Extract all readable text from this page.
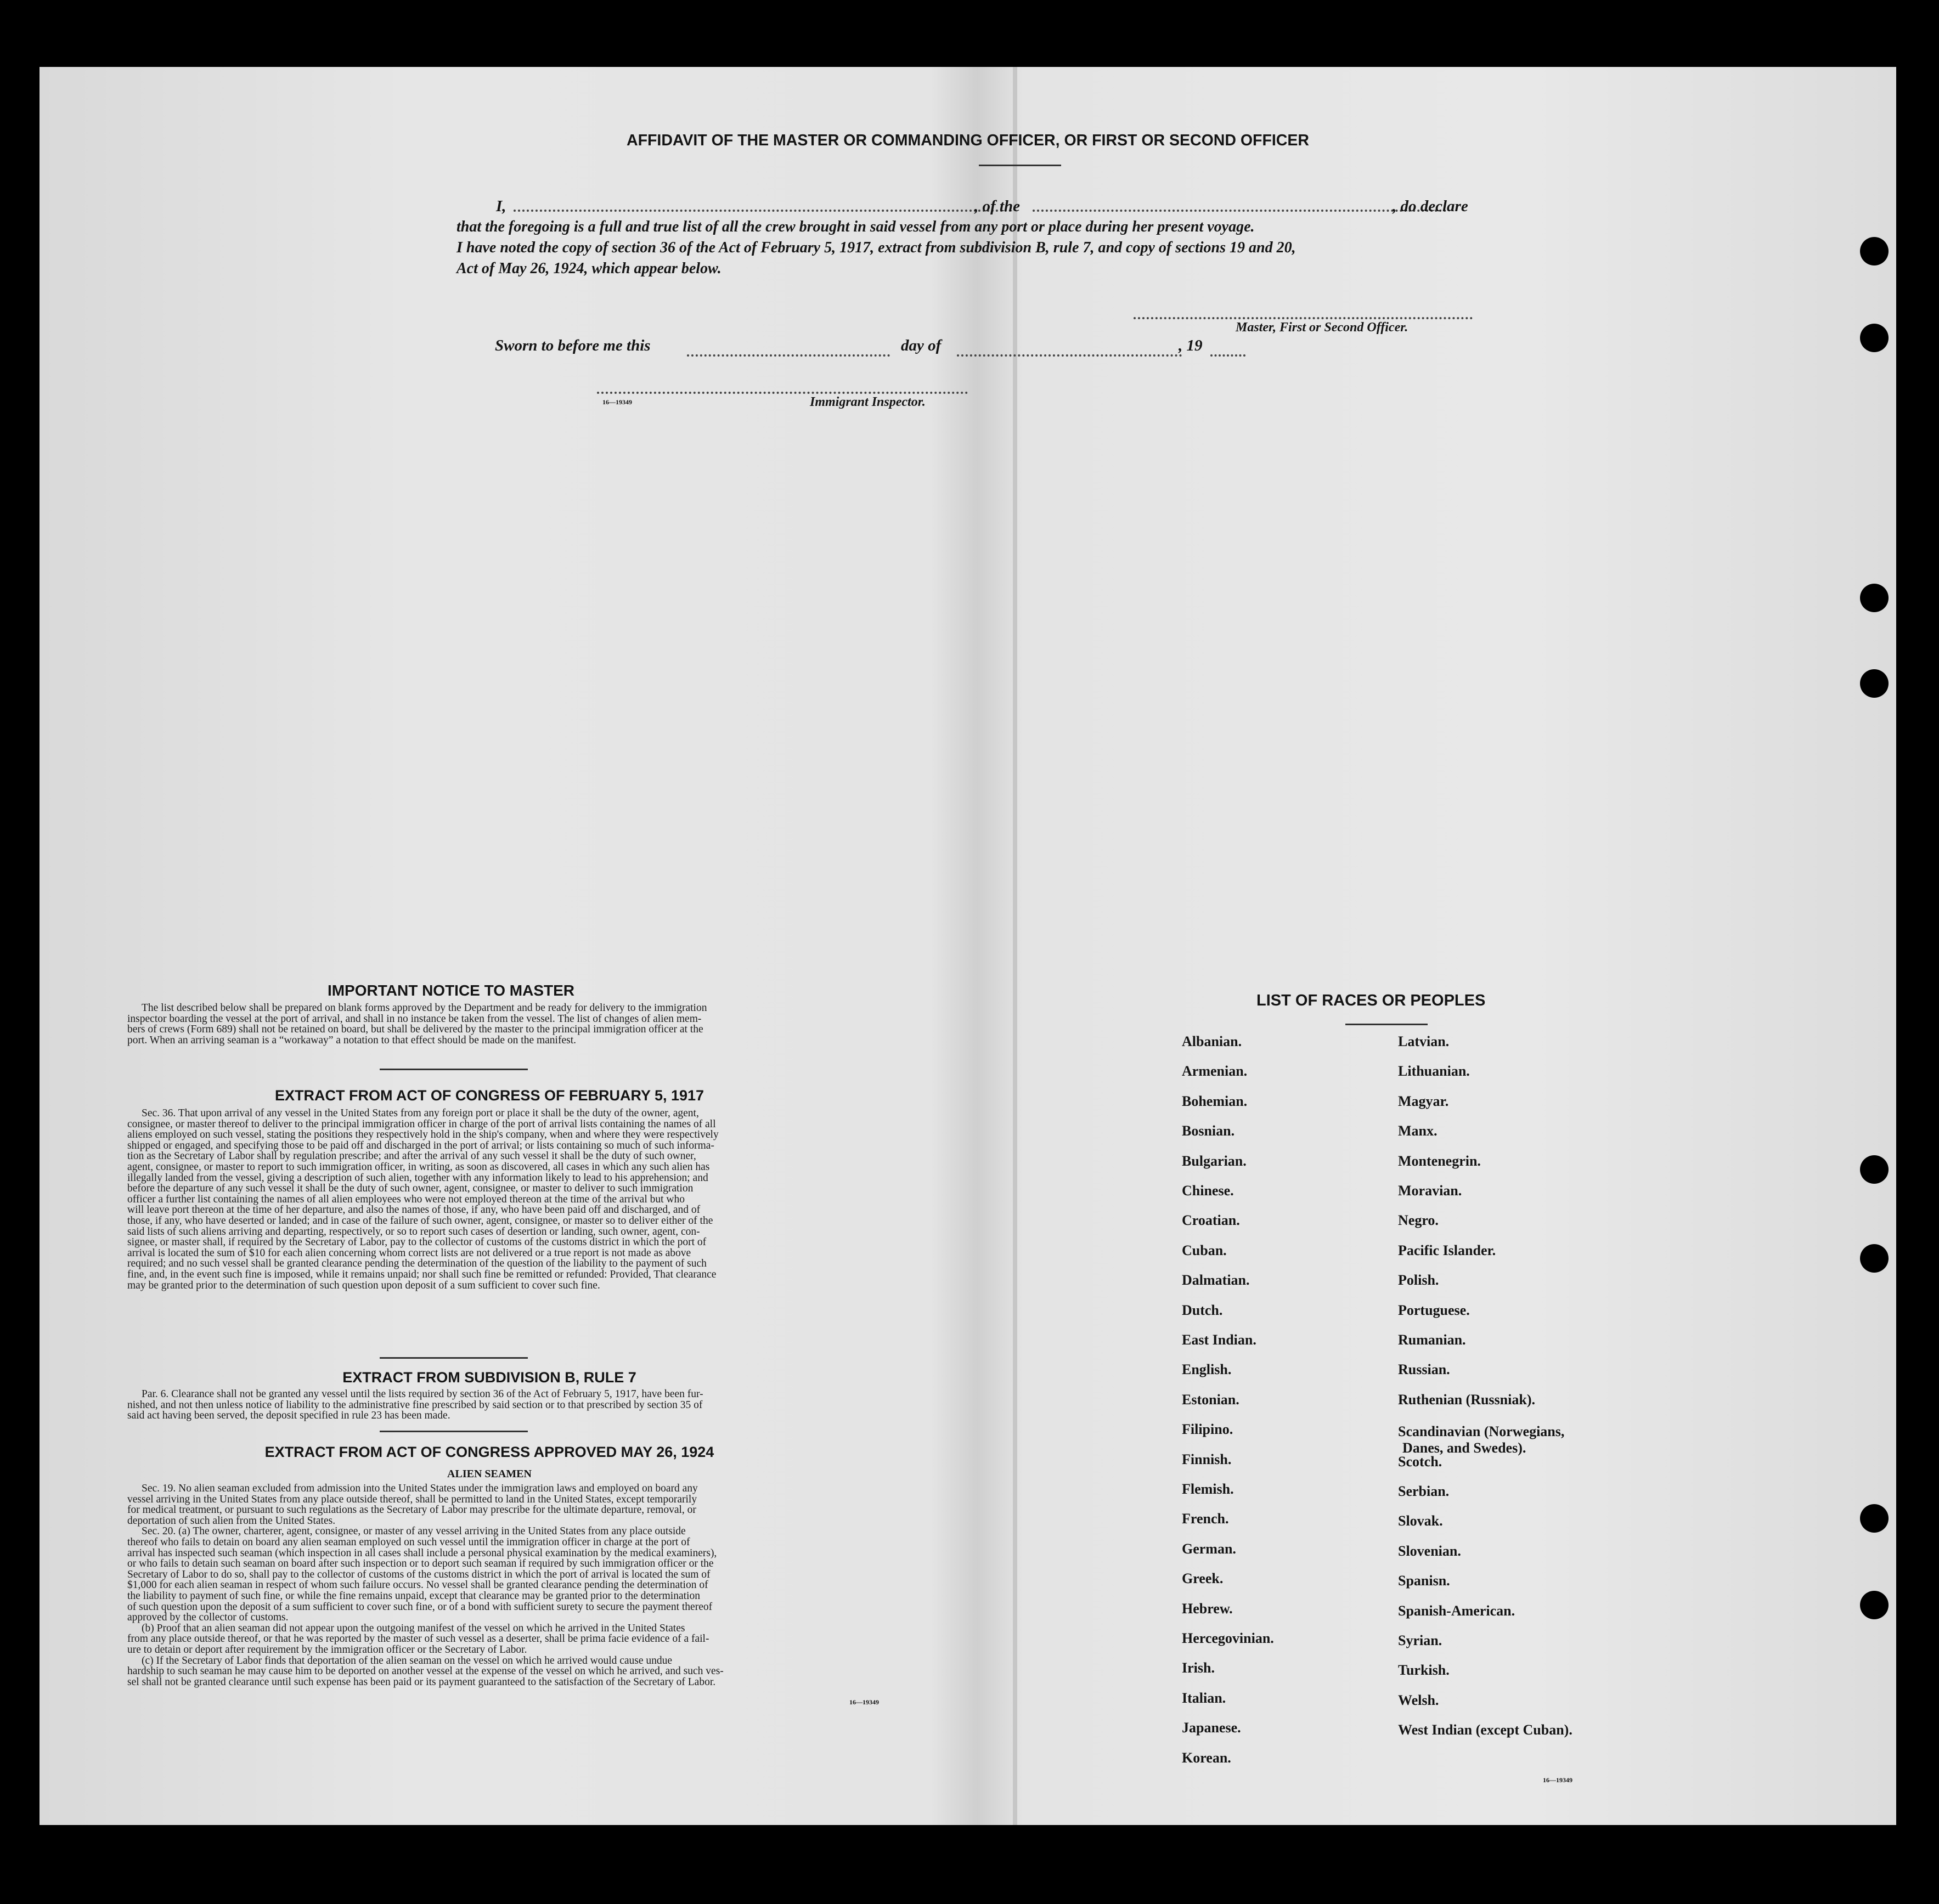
AFFIDAVIT OF THE MASTER OR COMMANDING OFFICER, OR FIRST OR SECOND OFFICER
I,	, of the	, do declare
that the foregoing is a full and true list of all the crew brought in said vessel from any port or place during her present voyage.
I have noted the copy of section 36 of the Act of February 5, 1917, extract from subdivision B, rule 7, and copy of sections 19 and 20,
Act of May 26, 1924, which appear below.
Master, First or Second Officer.
Sworn to before me this	day of	, 19
16—19349	Immigrant Inspector.
IMPORTANT NOTICE TO MASTER
The list described below shall be prepared on blank forms approved by the Department and be ready for delivery to the immigration
inspector boarding the vessel at the port of arrival, and shall in no instance be taken from the vessel. The list of changes of alien mem-
bers of crews (Form 689) shall not be retained on board, but shall be delivered by the master to the principal immigration officer at the
port. When an arriving seaman is a “workaway” a notation to that effect should be made on the manifest.
EXTRACT FROM ACT OF CONGRESS OF FEBRUARY 5, 1917
Sec. 36. That upon arrival of any vessel in the United States from any foreign port or place it shall be the duty of the owner, agent,
consignee, or master thereof to deliver to the principal immigration officer in charge of the port of arrival lists containing the names of all
aliens employed on such vessel, stating the positions they respectively hold in the ship's company, when and where they were respectively
shipped or engaged, and specifying those to be paid off and discharged in the port of arrival; or lists containing so much of such informa-
tion as the Secretary of Labor shall by regulation prescribe; and after the arrival of any such vessel it shall be the duty of such owner,
agent, consignee, or master to report to such immigration officer, in writing, as soon as discovered, all cases in which any such alien has
illegally landed from the vessel, giving a description of such alien, together with any information likely to lead to his apprehension; and
before the departure of any such vessel it shall be the duty of such owner, agent, consignee, or master to deliver to such immigration
officer a further list containing the names of all alien employees who were not employed thereon at the time of the arrival but who
will leave port thereon at the time of her departure, and also the names of those, if any, who have been paid off and discharged, and of
those, if any, who have deserted or landed; and in case of the failure of such owner, agent, consignee, or master so to deliver either of the
said lists of such aliens arriving and departing, respectively, or so to report such cases of desertion or landing, such owner, agent, con-
signee, or master shall, if required by the Secretary of Labor, pay to the collector of customs of the customs district in which the port of
arrival is located the sum of $10 for each alien concerning whom correct lists are not delivered or a true report is not made as above
required; and no such vessel shall be granted clearance pending the determination of the question of the liability to the payment of such
fine, and, in the event such fine is imposed, while it remains unpaid; nor shall such fine be remitted or refunded: Provided, That clearance
may be granted prior to the determination of such question upon deposit of a sum sufficient to cover such fine.
EXTRACT FROM SUBDIVISION B, RULE 7
Par. 6. Clearance shall not be granted any vessel until the lists required by section 36 of the Act of February 5, 1917, have been fur-
nished, and not then unless notice of liability to the administrative fine prescribed by said section or to that prescribed by section 35 of
said act having been served, the deposit specified in rule 23 has been made.
EXTRACT FROM ACT OF CONGRESS APPROVED MAY 26, 1924
ALIEN SEAMEN
Sec. 19. No alien seaman excluded from admission into the United States under the immigration laws and employed on board any
vessel arriving in the United States from any place outside thereof, shall be permitted to land in the United States, except temporarily
for medical treatment, or pursuant to such regulations as the Secretary of Labor may prescribe for the ultimate departure, removal, or
deportation of such alien from the United States.
Sec. 20. (a) The owner, charterer, agent, consignee, or master of any vessel arriving in the United States from any place outside
thereof who fails to detain on board any alien seaman employed on such vessel until the immigration officer in charge at the port of
arrival has inspected such seaman (which inspection in all cases shall include a personal physical examination by the medical examiners),
or who fails to detain such seaman on board after such inspection or to deport such seaman if required by such immigration officer or the
Secretary of Labor to do so, shall pay to the collector of customs of the customs district in which the port of arrival is located the sum of
$1,000 for each alien seaman in respect of whom such failure occurs. No vessel shall be granted clearance pending the determination of
the liability to payment of such fine, or while the fine remains unpaid, except that clearance may be granted prior to the determination
of such question upon the deposit of a sum sufficient to cover such fine, or of a bond with sufficient surety to secure the payment thereof
approved by the collector of customs.
(b) Proof that an alien seaman did not appear upon the outgoing manifest of the vessel on which he arrived in the United States
from any place outside thereof, or that he was reported by the master of such vessel as a deserter, shall be prima facie evidence of a fail-
ure to detain or deport after requirement by the immigration officer or the Secretary of Labor.
(c) If the Secretary of Labor finds that deportation of the alien seaman on the vessel on which he arrived would cause undue
hardship to such seaman he may cause him to be deported on another vessel at the expense of the vessel on which he arrived, and such ves-
sel shall not be granted clearance until such expense has been paid or its payment guaranteed to the satisfaction of the Secretary of Labor.
16—19349
LIST OF RACES OR PEOPLES
Albanian.
Armenian.
Bohemian.
Bosnian.
Bulgarian.
Chinese.
Croatian.
Cuban.
Dalmatian.
Dutch.
East Indian.
English.
Estonian.
Filipino.
Finnish.
Flemish.
French.
German.
Greek.
Hebrew.
Hercegovinian.
Irish.
Italian.
Japanese.
Korean.
Latvian.
Lithuanian.
Magyar.
Manx.
Montenegrin.
Moravian.
Negro.
Pacific Islander.
Polish.
Portuguese.
Rumanian.
Russian.
Ruthenian (Russniak).
Scandinavian (Norwegians,
Danes, and Swedes).
Scotch.
Serbian.
Slovak.
Slovenian.
Spanisn.
Spanish-American.
Syrian.
Turkish.
Welsh.
West Indian (except Cuban).
16—19349
